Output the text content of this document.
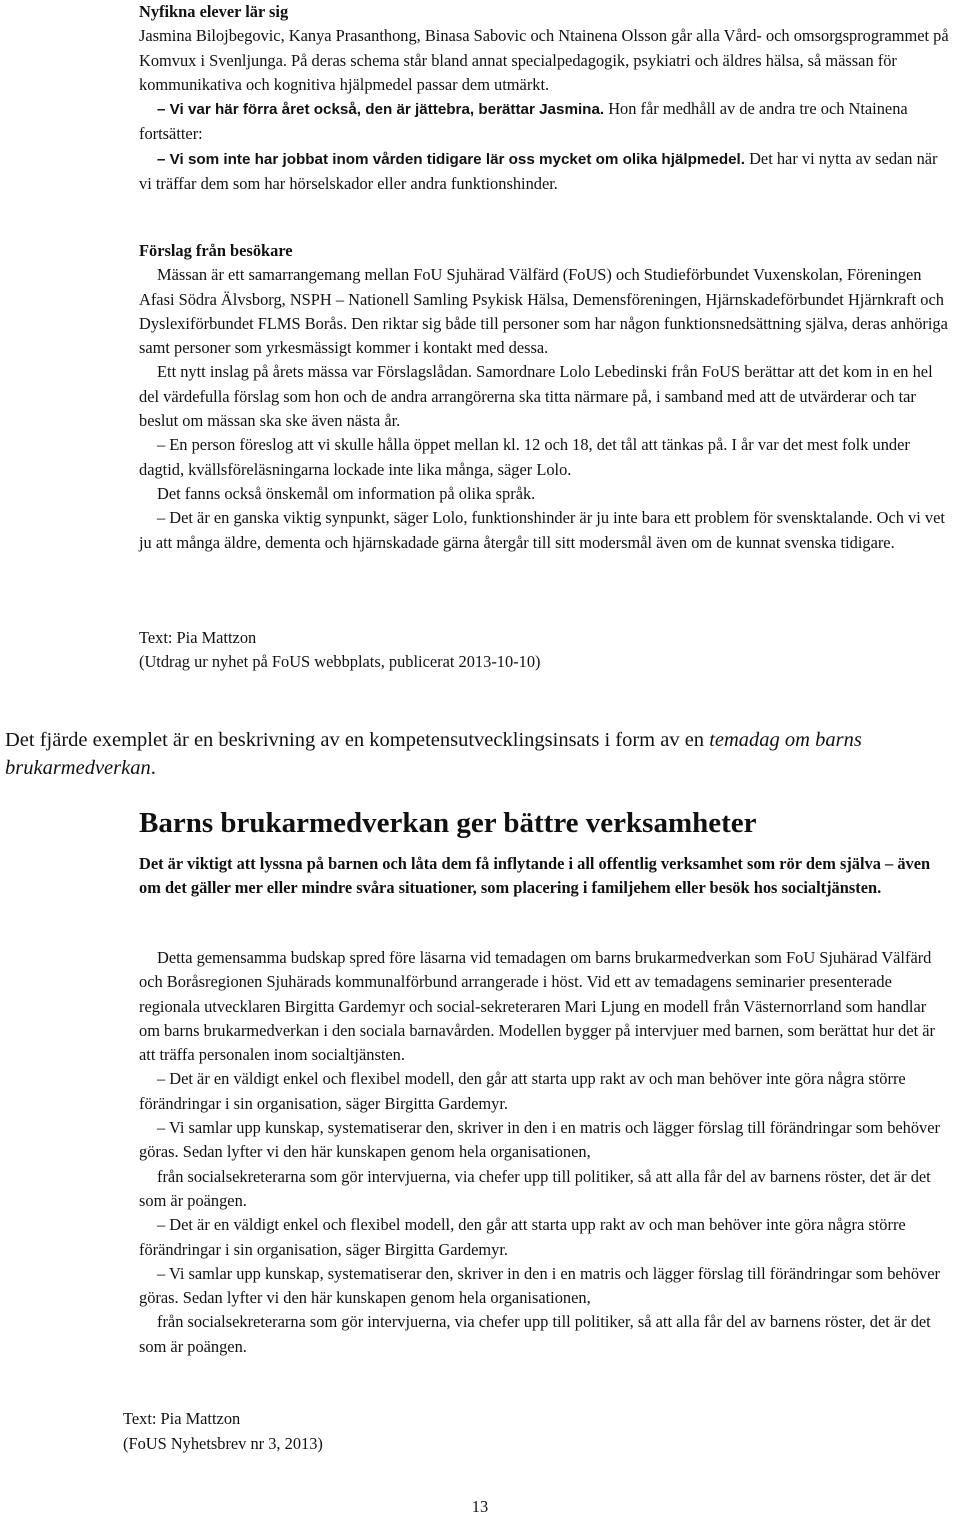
Nyfikna elever lär sig

Jasmina Bilojbegovic, Kanya Prasanthong, Binasa Sabovic och Ntainena Olsson går alla Vård- och omsorgsprogrammet på Komvux i Svenljunga. På deras schema står bland annat specialpedagogik, psykiatri och äldres hälsa, så mässan för kommunikativa och kognitiva hjälpmedel passar dem utmärkt.

– Vi var här förra året också, den är jättebra, berättar Jasmina. Hon får medhåll av de andra tre och Ntainena fortsätter:

– Vi som inte har jobbat inom vården tidigare lär oss mycket om olika hjälpmedel. Det har vi nytta av sedan när vi träffar dem som har hörselskador eller andra funktionshinder.

Förslag från besökare

Mässan är ett samarrangemang mellan FoU Sjuhärad Välfärd (FoUS) och Studieförbundet Vuxenskolan, Föreningen Afasi Södra Älvsborg, NSPH – Nationell Samling Psykisk Hälsa, Demensföreningen, Hjärnskadeförbundet Hjärnkraft och Dyslexiförbundet FLMS Borås. Den riktar sig både till personer som har någon funktionsnedsättning själva, deras anhöriga samt personer som yrkesmässigt kommer i kontakt med dessa.

Ett nytt inslag på årets mässa var Förslagslådan. Samordnare Lolo Lebedinski från FoUS berättar att det kom in en hel del värdefulla förslag som hon och de andra arrangörerna ska titta närmare på, i samband med att de utvärderar och tar beslut om mässan ska ske även nästa år.

– En person föreslog att vi skulle hålla öppet mellan kl. 12 och 18, det tål att tänkas på. I år var det mest folk under dagtid, kvällsföreläsningarna lockade inte lika många, säger Lolo.

Det fanns också önskemål om information på olika språk.

– Det är en ganska viktig synpunkt, säger Lolo, funktionshinder är ju inte bara ett problem för svensktalande. Och vi vet ju att många äldre, dementa och hjärnskadade gärna återgår till sitt modersmål även om de kunnat svenska tidigare.

Text: Pia Mattzon

(Utdrag ur nyhet på FoUS webbplats, publicerat 2013-10-10)

Det fjärde exemplet är en beskrivning av en kompetensutvecklingsinsats i form av en temadag om barns brukarmedverkan.

Barns brukarmedverkan ger bättre verksamheter

Det är viktigt att lyssna på barnen och låta dem få inflytande i all offentlig verksamhet som rör dem själva – även om det gäller mer eller mindre svåra situationer, som placering i familjehem eller besök hos socialtjänsten.

Detta gemensamma budskap spred före läsarna vid temadagen om barns brukarmedverkan som FoU Sjuhärad Välfärd och Boråsregionen Sjuhärads kommunalförbund arrangerade i höst. Vid ett av temadagens seminarier presenterade regionala utvecklaren Birgitta Gardemyr och social-sekreteraren Mari Ljung en modell från Västernorrland som handlar om barns brukarmedverkan i den sociala barnavården. Modellen bygger på intervjuer med barnen, som berättat hur det är att träffa personalen inom socialtjänsten.

– Det är en väldigt enkel och flexibel modell, den går att starta upp rakt av och man behöver inte göra några större förändringar i sin organisation, säger Birgitta Gardemyr.

– Vi samlar upp kunskap, systematiserar den, skriver in den i en matris och lägger förslag till förändringar som behöver göras. Sedan lyfter vi den här kunskapen genom hela organisationen,

från socialsekreterarna som gör intervjuerna, via chefer upp till politiker, så att alla får del av barnens röster, det är det som är poängen.

– Det är en väldigt enkel och flexibel modell, den går att starta upp rakt av och man behöver inte göra några större förändringar i sin organisation, säger Birgitta Gardemyr.

– Vi samlar upp kunskap, systematiserar den, skriver in den i en matris och lägger förslag till förändringar som behöver göras. Sedan lyfter vi den här kunskapen genom hela organisationen,

från socialsekreterarna som gör intervjuerna, via chefer upp till politiker, så att alla får del av barnens röster, det är det som är poängen.

Text: Pia Mattzon

(FoUS Nyhetsbrev nr 3, 2013)

13
